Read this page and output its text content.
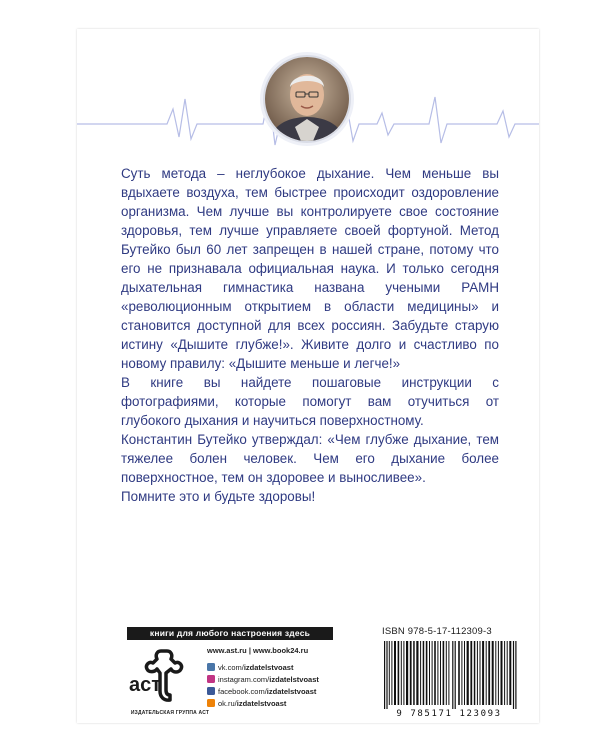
Суть метода – неглубокое дыхание. Чем меньше вы вдыхаете воздуха, тем быстрее происходит оздоровление организма. Чем лучше вы контролируете свое состояние здоровья, тем лучше управляете своей фортуной. Метод Бутейко был 60 лет запрещен в нашей стране, потому что его не признавала официальная наука. И только сегодня дыхательная гимнастика названа учеными РАМН «революционным открытием в области медицины» и становится доступной для всех россиян. Забудьте старую истину «Дышите глубже!». Живите долго и счастливо по новому правилу: «Дышите меньше и легче!»

В книге вы найдете пошаговые инструкции с фотографиями, которые помогут вам отучиться от глубокого дыхания и научиться поверхностному.

Константин Бутейко утверждал: «Чем глубже дыхание, тем тяжелее болен человек. Чем его дыхание более поверхностное, тем он здоровее и выносливее».

Помните это и будьте здоровы!

книги для любого настроения здесь
аст
ИЗДАТЕЛЬСКАЯ ГРУППА АСТ
www.ast.ru | www.book24.ru
vk.com/ izdatelstvoast
instagram.com/ izdatelstvoast
facebook.com/ izdatelstvoast
ok.ru/ izdatelstvoast
ISBN 978-5-17-112309-3
9 785171 123093
